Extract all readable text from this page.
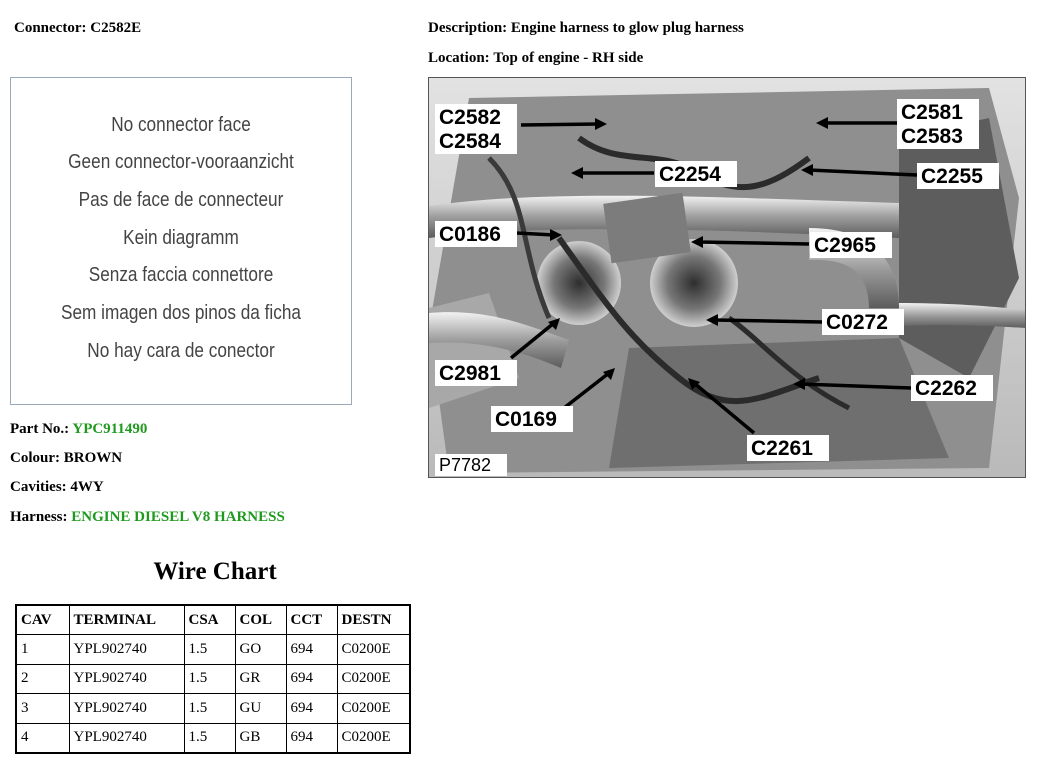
Connector: C2582E	Description: Engine harness to glow plug harness
Location: Top of engine - RH side
No connector face
Geen connector-vooraanzicht
Pas de face de connecteur
Kein diagramm
Senza faccia connettore
Sem imagen dos pinos da ficha
No hay cara de conector
Part No.: YPC911490
Colour: BROWN
Cavities: 4WY
Harness: ENGINE DIESEL V8 HARNESS
Wire Chart
CAV	TERMINAL	CSA	COL	CCT	DESTN
1	YPL902740	1.5	GO	694	C0200E
2	YPL902740	1.5	GR	694	C0200E
3	YPL902740	1.5	GU	694	C0200E
4	YPL902740	1.5	GB	694	C0200E
C2582
C2584
C2581
C2583
C2254	C2255
C0186	C2965
C0272
C2981
C2262
C0169
C2261
P7782
